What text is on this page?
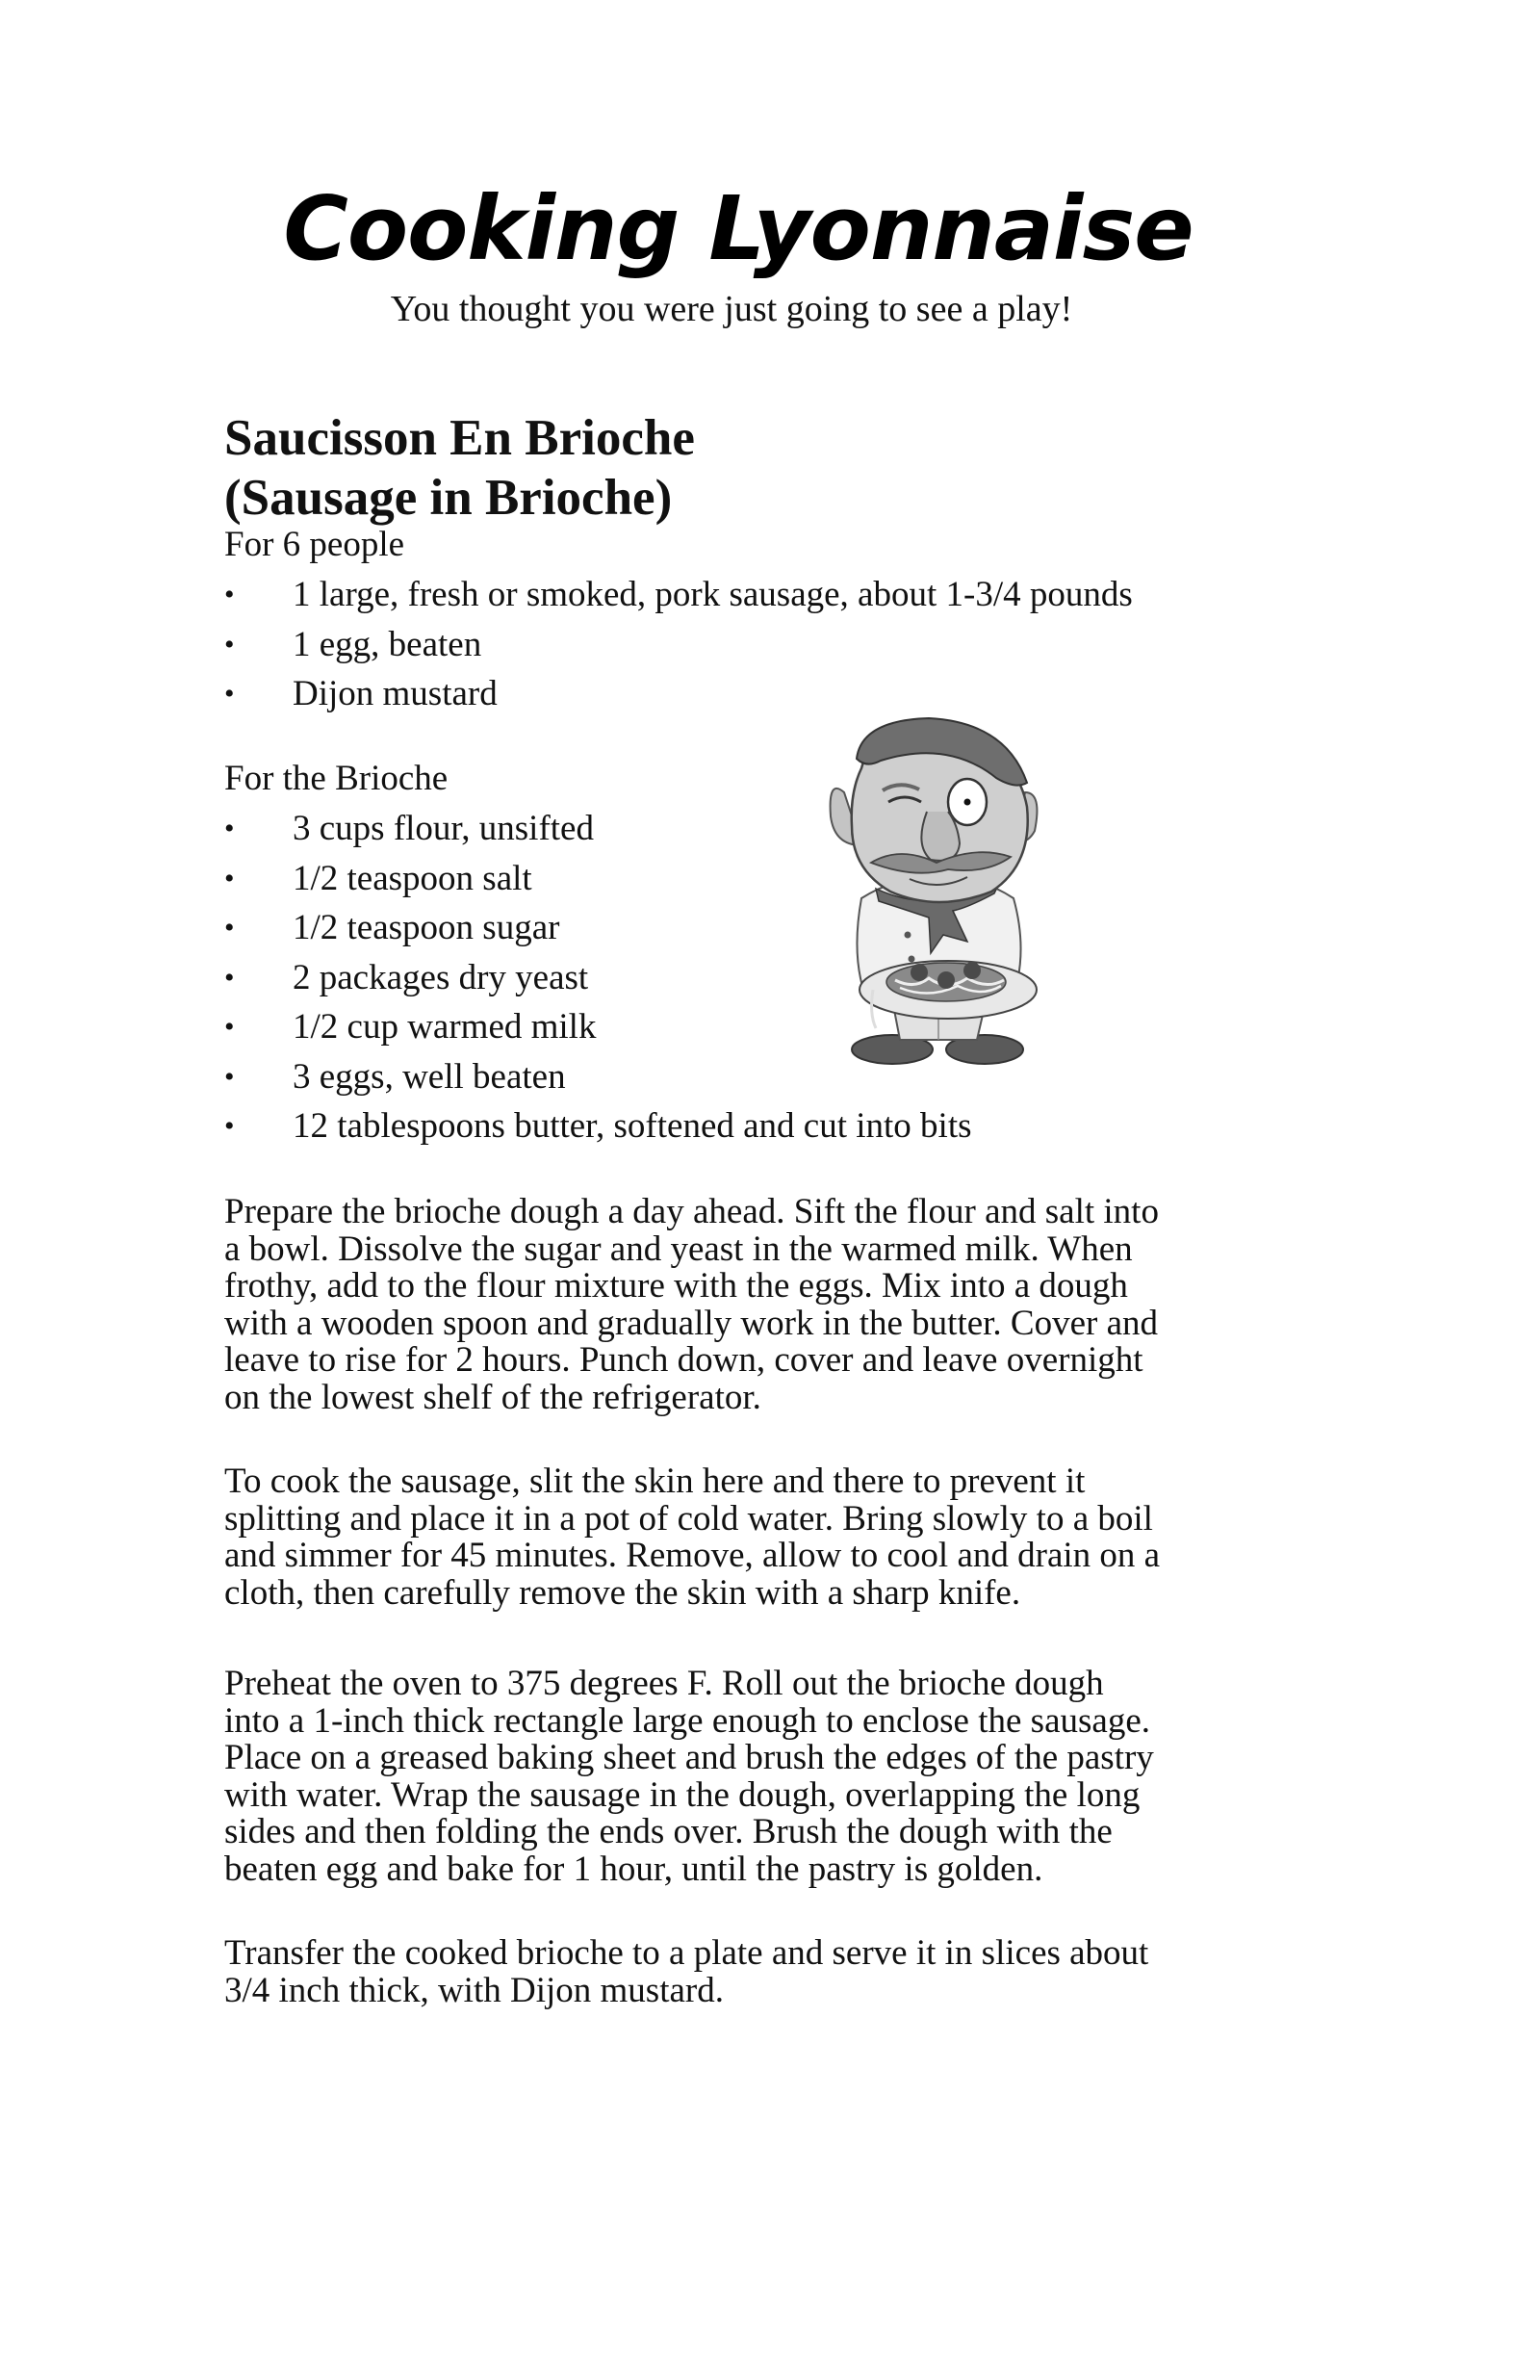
Cooking Lyonnaise
You thought you were just going to see a play!
Saucisson En Brioche
(Sausage in Brioche)
For 6 people
• 1 large, fresh or smoked, pork sausage, about 1-3/4 pounds
• 1 egg, beaten
• Dijon mustard
For the Brioche
• 3 cups flour, unsifted
• 1/2 teaspoon salt
• 1/2 teaspoon sugar
• 2 packages dry yeast
• 1/2 cup warmed milk
• 3 eggs, well beaten
• 12 tablespoons butter, softened and cut into bits
Prepare the brioche dough a day ahead. Sift the flour and salt into
a bowl. Dissolve the sugar and yeast in the warmed milk. When
frothy, add to the flour mixture with the eggs. Mix into a dough
with a wooden spoon and gradually work in the butter. Cover and
leave to rise for 2 hours. Punch down, cover and leave overnight
on the lowest shelf of the refrigerator.
To cook the sausage, slit the skin here and there to prevent it
splitting and place it in a pot of cold water. Bring slowly to a boil
and simmer for 45 minutes. Remove, allow to cool and drain on a
cloth, then carefully remove the skin with a sharp knife.
Preheat the oven to 375 degrees F. Roll out the brioche dough
into a 1-inch thick rectangle large enough to enclose the sausage.
Place on a greased baking sheet and brush the edges of the pastry
with water. Wrap the sausage in the dough, overlapping the long
sides and then folding the ends over. Brush the dough with the
beaten egg and bake for 1 hour, until the pastry is golden.
Transfer the cooked brioche to a plate and serve it in slices about
3/4 inch thick, with Dijon mustard.
